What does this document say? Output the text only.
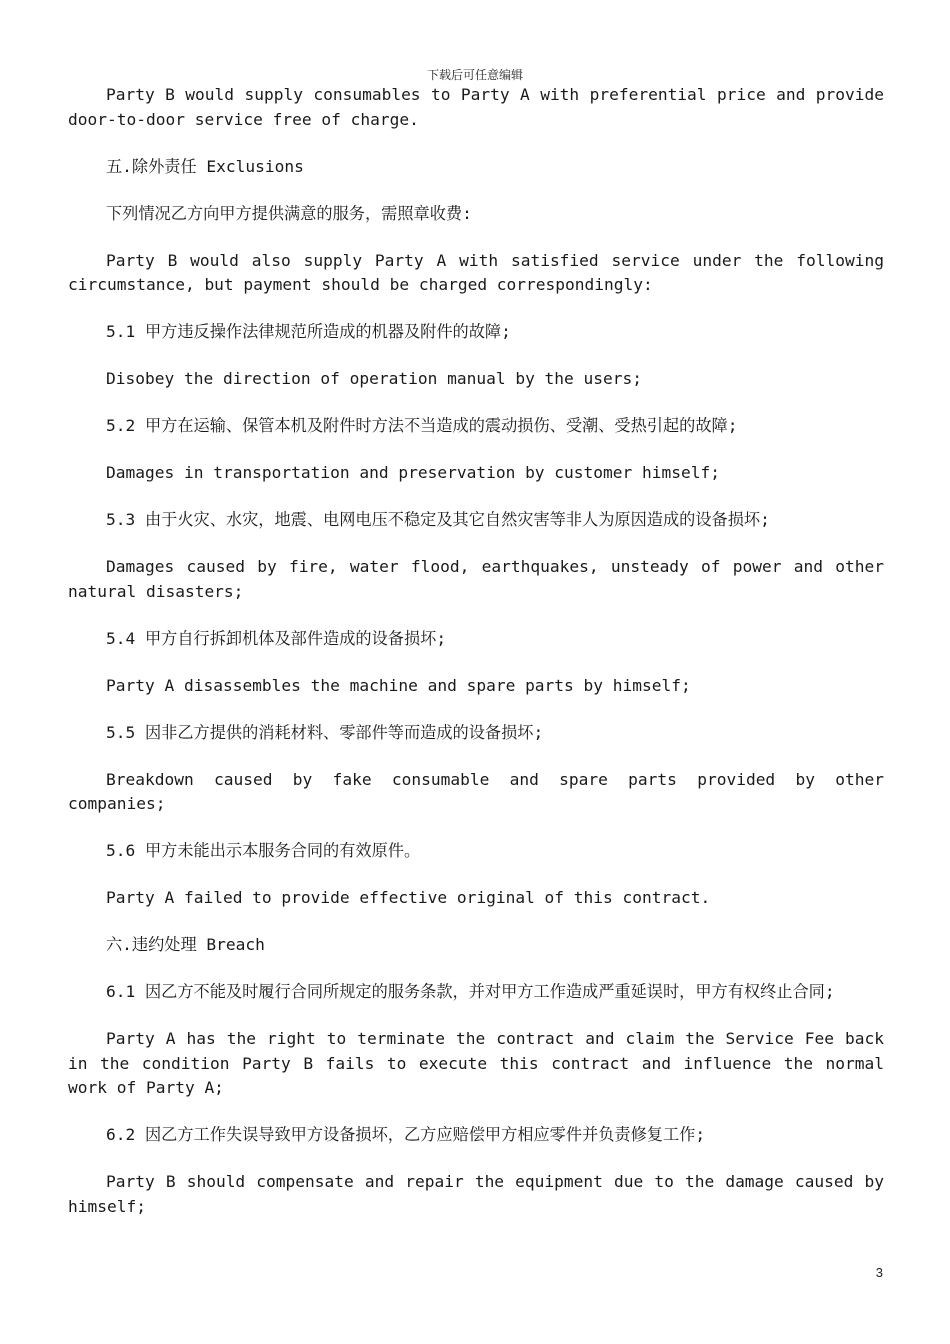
下载后可任意编辑

Party B would supply consumables to Party A with preferential price and provide door-to-door service free of charge.

五.除外责任 Exclusions

下列情况乙方向甲方提供满意的服务，需照章收费:

Party B would also supply Party A with satisfied service under the following circumstance, but payment should be charged correspondingly:

5.1 甲方违反操作法律规范所造成的机器及附件的故障;

Disobey the direction of operation manual by the users;

5.2 甲方在运输、保管本机及附件时方法不当造成的震动损伤、受潮、受热引起的故障;

Damages in transportation and preservation by customer himself;

5.3 由于火灾、水灾，地震、电网电压不稳定及其它自然灾害等非人为原因造成的设备损坏;

Damages caused by fire, water flood, earthquakes, unsteady of power and other natural disasters;

5.4 甲方自行拆卸机体及部件造成的设备损坏;

Party A disassembles the machine and spare parts by himself;

5.5 因非乙方提供的消耗材料、零部件等而造成的设备损坏;

Breakdown caused by fake consumable and spare parts provided by other companies;

5.6 甲方未能出示本服务合同的有效原件。

Party A failed to provide effective original of this contract.

六.违约处理 Breach

6.1 因乙方不能及时履行合同所规定的服务条款，并对甲方工作造成严重延误时，甲方有权终止合同;

Party A has the right to terminate the contract and claim the Service Fee back in the condition Party B fails to execute this contract and influence the normal work of Party A;

6.2 因乙方工作失误导致甲方设备损坏，乙方应赔偿甲方相应零件并负责修复工作;

Party B should compensate and repair the equipment due to the damage caused by himself;

3
